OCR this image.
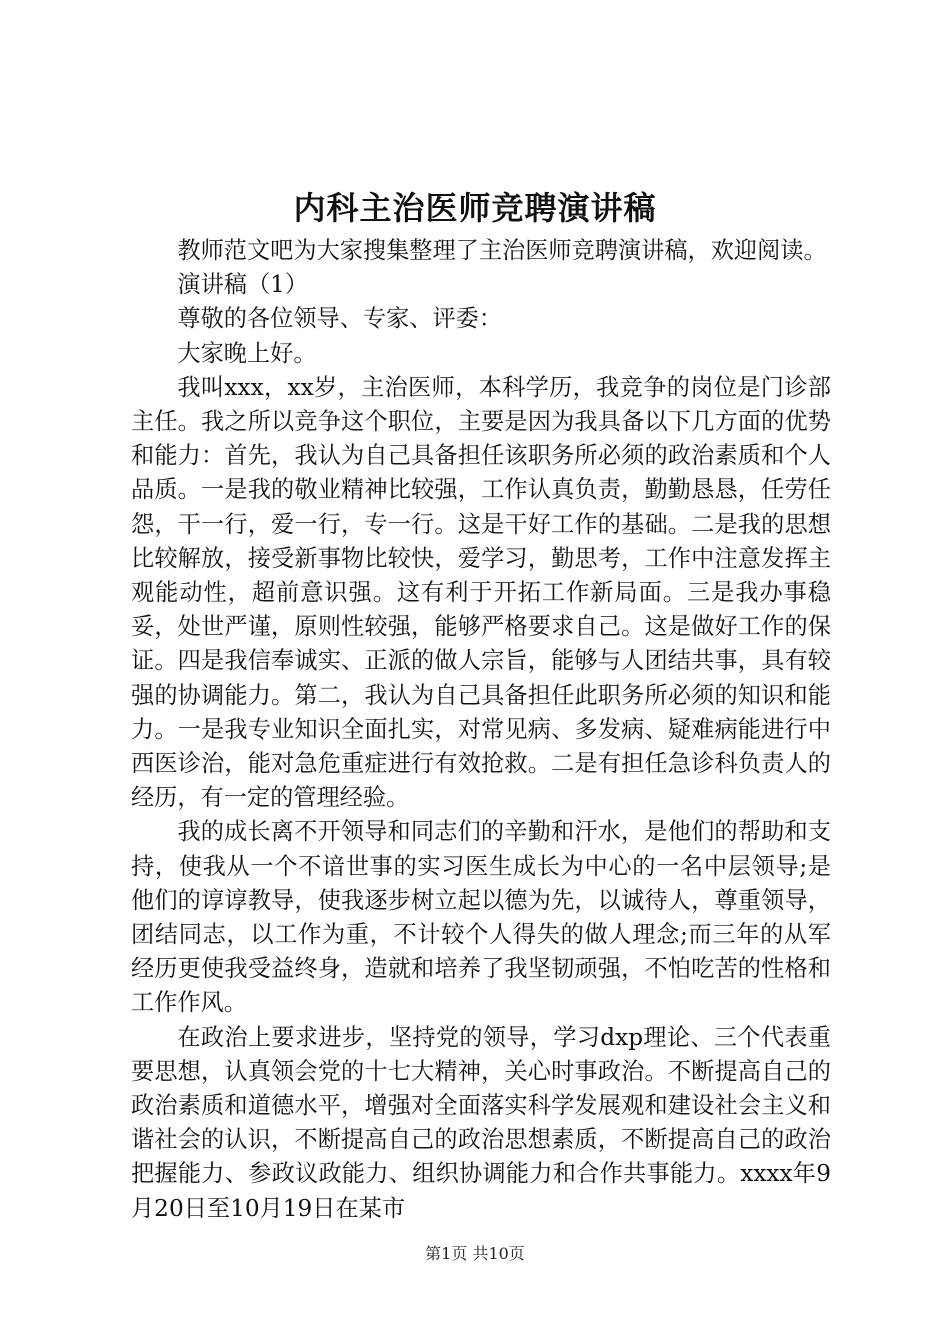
内科主治医师竞聘演讲稿

教师范文吧为大家搜集整理了主治医师竞聘演讲稿，欢迎阅读。

演讲稿（1）

尊敬的各位领导、专家、评委：

大家晚上好。

我叫xxx，xx岁，主治医师，本科学历，我竞争的岗位是门诊部主任。我之所以竞争这个职位，主要是因为我具备以下几方面的优势和能力：首先，我认为自己具备担任该职务所必须的政治素质和个人品质。一是我的敬业精神比较强，工作认真负责，勤勤恳恳，任劳任怨，干一行，爱一行，专一行。这是干好工作的基础。二是我的思想比较解放，接受新事物比较快，爱学习，勤思考，工作中注意发挥主观能动性，超前意识强。这有利于开拓工作新局面。三是我办事稳妥，处世严谨，原则性较强，能够严格要求自己。这是做好工作的保证。四是我信奉诚实、正派的做人宗旨，能够与人团结共事，具有较强的协调能力。第二，我认为自己具备担任此职务所必须的知识和能力。一是我专业知识全面扎实，对常见病、多发病、疑难病能进行中西医诊治，能对急危重症进行有效抢救。二是有担任急诊科负责人的经历，有一定的管理经验。

我的成长离不开领导和同志们的辛勤和汗水，是他们的帮助和支持，使我从一个不谙世事的实习医生成长为中心的一名中层领导;是他们的谆谆教导，使我逐步树立起以德为先，以诚待人，尊重领导，团结同志，以工作为重，不计较个人得失的做人理念;而三年的从军经历更使我受益终身，造就和培养了我坚韧顽强，不怕吃苦的性格和工作作风。

在政治上要求进步，坚持党的领导，学习dxp理论、三个代表重要思想，认真领会党的十七大精神，关心时事政治。不断提高自己的政治素质和道德水平，增强对全面落实科学发展观和建设社会主义和谐社会的认识，不断提高自己的政治思想素质，不断提高自己的政治把握能力、参政议政能力、组织协调能力和合作共事能力。xxxx年9月20日至10月19日在某市

第1页 共10页
